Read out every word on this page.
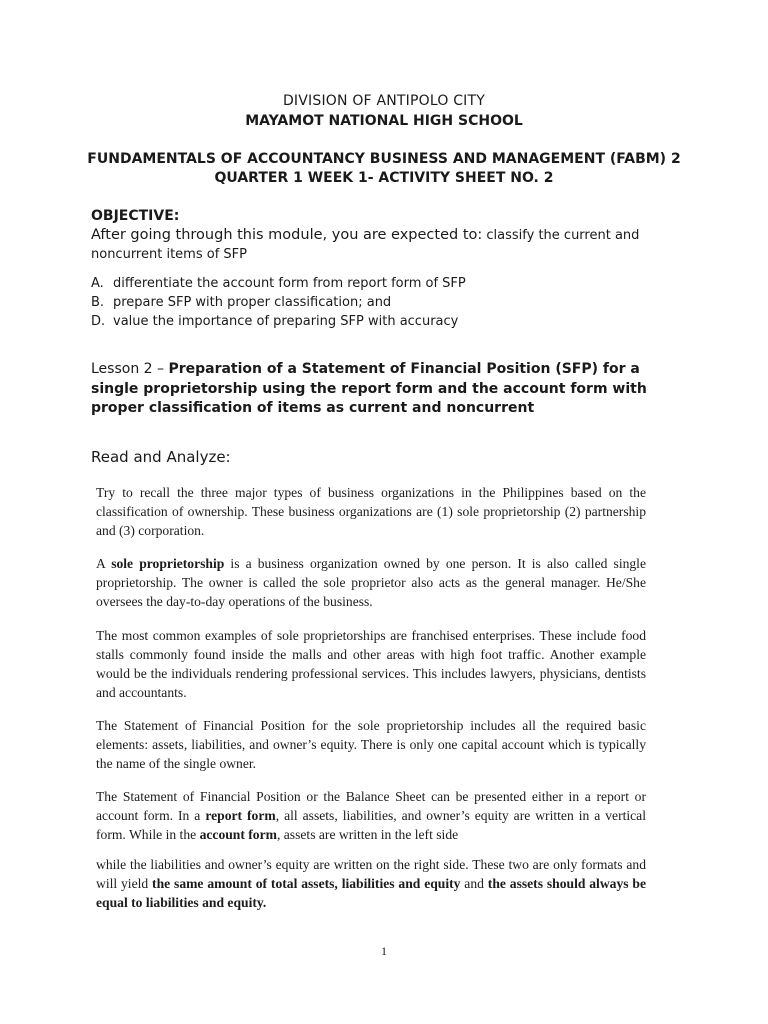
DIVISION OF ANTIPOLO CITY
MAYAMOT NATIONAL HIGH SCHOOL
FUNDAMENTALS OF ACCOUNTANCY BUSINESS AND MANAGEMENT (FABM) 2
QUARTER 1 WEEK 1- ACTIVITY SHEET NO. 2
OBJECTIVE:
After going through this module, you are expected to: classify the current and noncurrent items of SFP
A. differentiate the account form from report form of SFP
B. prepare SFP with proper classification; and
D. value the importance of preparing SFP with accuracy
Lesson 2 – Preparation of a Statement of Financial Position (SFP) for a single proprietorship using the report form and the account form with proper classification of items as current and noncurrent
Read and Analyze:
Try to recall the three major types of business organizations in the Philippines based on the classification of ownership. These business organizations are (1) sole proprietorship (2) partnership and (3) corporation.
A sole proprietorship is a business organization owned by one person. It is also called single proprietorship. The owner is called the sole proprietor also acts as the general manager. He/She oversees the day-to-day operations of the business.
The most common examples of sole proprietorships are franchised enterprises. These include food stalls commonly found inside the malls and other areas with high foot traffic. Another example would be the individuals rendering professional services. This includes lawyers, physicians, dentists and accountants.
The Statement of Financial Position for the sole proprietorship includes all the required basic elements: assets, liabilities, and owner’s equity. There is only one capital account which is typically the name of the single owner.
The Statement of Financial Position or the Balance Sheet can be presented either in a report or account form. In a report form, all assets, liabilities, and owner’s equity are written in a vertical form. While in the account form, assets are written in the left side
while the liabilities and owner’s equity are written on the right side. These two are only formats and will yield the same amount of total assets, liabilities and equity and the assets should always be equal to liabilities and equity.
1
